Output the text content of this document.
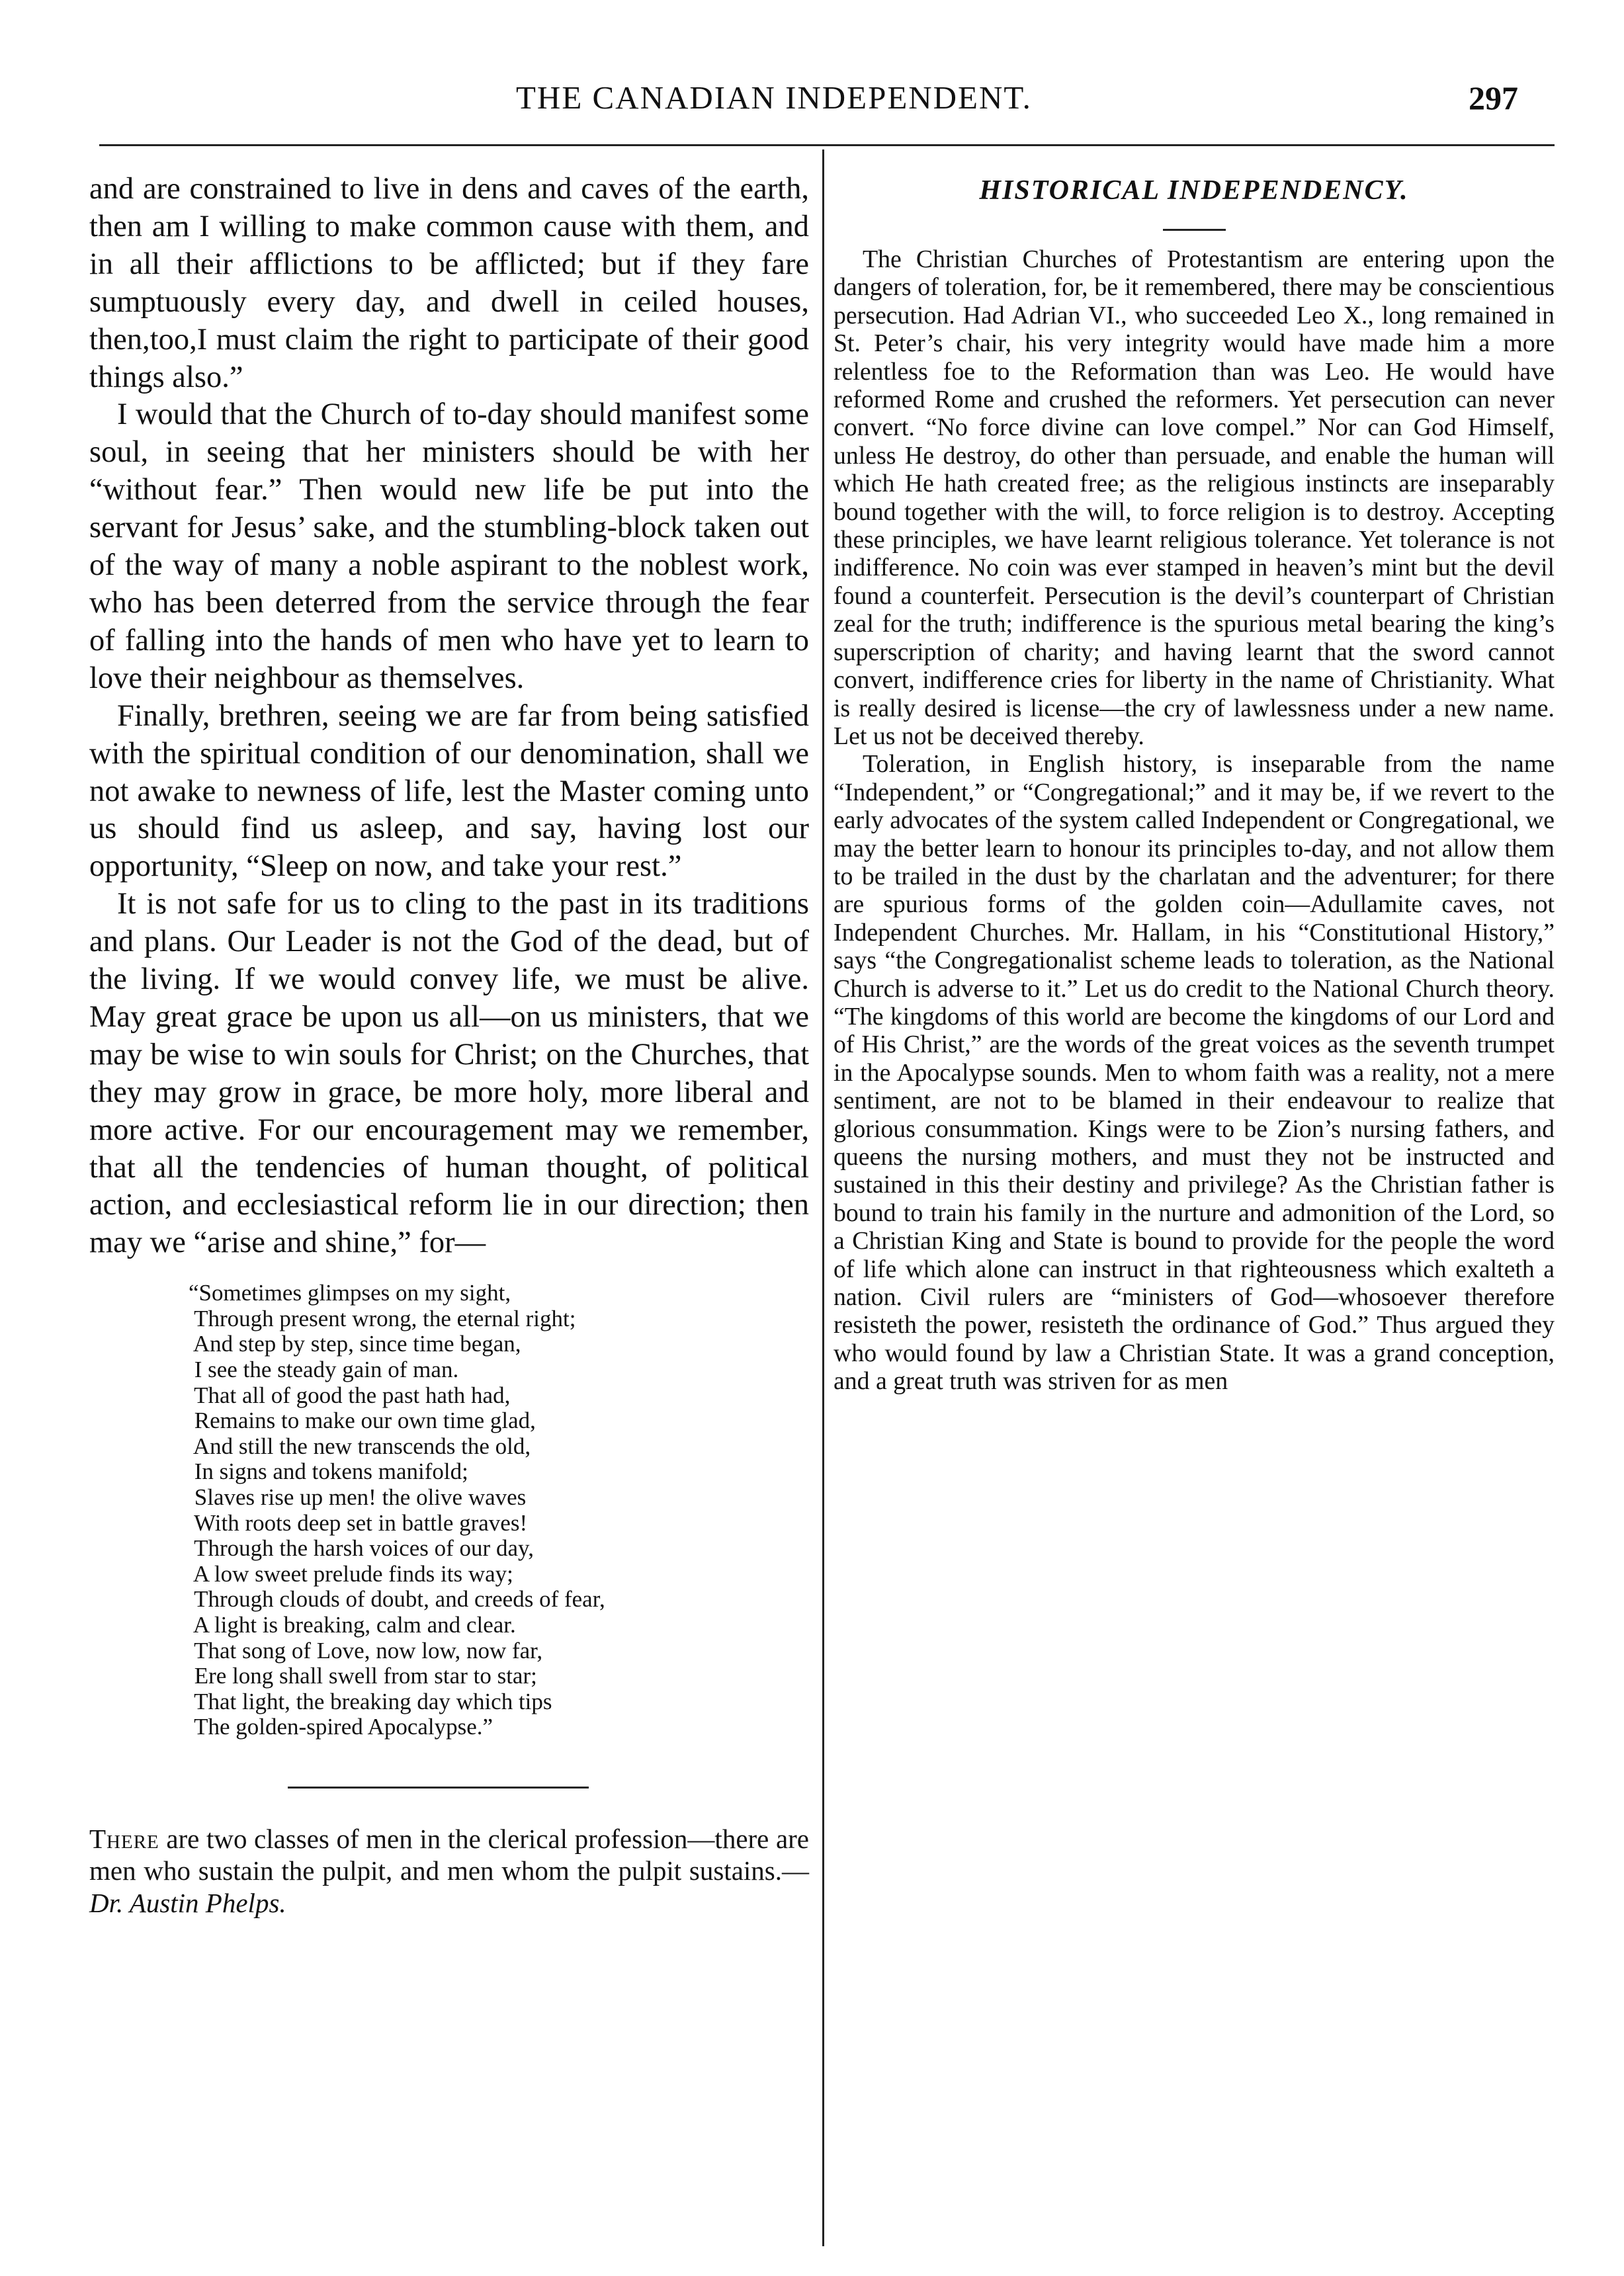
THE CANADIAN INDEPENDENT.	297

and are constrained to live in dens and caves of the earth, then am I willing to make common cause with them, and in all their afflictions to be afflicted; but if they fare sumptuously every day, and dwell in ceiled houses, then,too,I must claim the right to participate of their good things also.”

I would that the Church of to-day should manifest some soul, in seeing that her ministers should be with her “without fear.” Then would new life be put into the servant for Jesus’ sake, and the stumbling-block taken out of the way of many a noble aspirant to the noblest work, who has been deterred from the service through the fear of falling into the hands of men who have yet to learn to love their neighbour as themselves.

Finally, brethren, seeing we are far from being satisfied with the spiritual condition of our denomination, shall we not awake to newness of life, lest the Master coming unto us should find us asleep, and say, having lost our opportunity, “Sleep on now, and take your rest.”

It is not safe for us to cling to the past in its traditions and plans. Our Leader is not the God of the dead, but of the living. If we would convey life, we must be alive. May great grace be upon us all—on us ministers, that we may be wise to win souls for Christ; on the Churches, that they may grow in grace, be more holy, more liberal and more active. For our encouragement may we remember, that all the tendencies of human thought, of political action, and ecclesiastical reform lie in our direction; then may we “arise and shine,” for—

“Sometimes glimpses on my sight,
Through present wrong, the eternal right;
And step by step, since time began,
I see the steady gain of man.
That all of good the past hath had,
Remains to make our own time glad,
And still the new transcends the old,
In signs and tokens manifold;
Slaves rise up men! the olive waves
With roots deep set in battle graves!
Through the harsh voices of our day,
A low sweet prelude finds its way;
Through clouds of doubt, and creeds of fear,
A light is breaking, calm and clear.
That song of Love, now low, now far,
Ere long shall swell from star to star;
That light, the breaking day which tips
The golden-spired Apocalypse.”
There are two classes of men in the clerical profession—there are men who sustain the pulpit, and men whom the pulpit sustains.—Dr. Austin Phelps.
HISTORICAL INDEPENDENCY.

The Christian Churches of Protestantism are entering upon the dangers of toleration, for, be it remembered, there may be conscientious persecution. Had Adrian VI., who succeeded Leo X., long remained in St. Peter’s chair, his very integrity would have made him a more relentless foe to the Reformation than was Leo. He would have reformed Rome and crushed the reformers. Yet persecution can never convert. “No force divine can love compel.” Nor can God Himself, unless He destroy, do other than persuade, and enable the human will which He hath created free; as the religious instincts are inseparably bound together with the will, to force religion is to destroy. Accepting these principles, we have learnt religious tolerance. Yet tolerance is not indifference. No coin was ever stamped in heaven’s mint but the devil found a counterfeit. Persecution is the devil’s counterpart of Christian zeal for the truth; indifference is the spurious metal bearing the king’s superscription of charity; and having learnt that the sword cannot convert, indifference cries for liberty in the name of Christianity. What is really desired is license—the cry of lawlessness under a new name. Let us not be deceived thereby.

Toleration, in English history, is inseparable from the name “Independent,” or “Congregational;” and it may be, if we revert to the early advocates of the system called Independent or Congregational, we may the better learn to honour its principles to-day, and not allow them to be trailed in the dust by the charlatan and the adventurer; for there are spurious forms of the golden coin—Adullamite caves, not Independent Churches. Mr. Hallam, in his “Constitutional History,” says “the Congregationalist scheme leads to toleration, as the National Church is adverse to it.” Let us do credit to the National Church theory. “The kingdoms of this world are become the kingdoms of our Lord and of His Christ,” are the words of the great voices as the seventh trumpet in the Apocalypse sounds. Men to whom faith was a reality, not a mere sentiment, are not to be blamed in their endeavour to realize that glorious consummation. Kings were to be Zion’s nursing fathers, and queens the nursing mothers, and must they not be instructed and sustained in this their destiny and privilege? As the Christian father is bound to train his family in the nurture and admonition of the Lord, so a Christian King and State is bound to provide for the people the word of life which alone can instruct in that righteousness which exalteth a nation. Civil rulers are “ministers of God—whosoever therefore resisteth the power, resisteth the ordinance of God.” Thus argued they who would found by law a Christian State. It was a grand conception, and a great truth was striven for as men
